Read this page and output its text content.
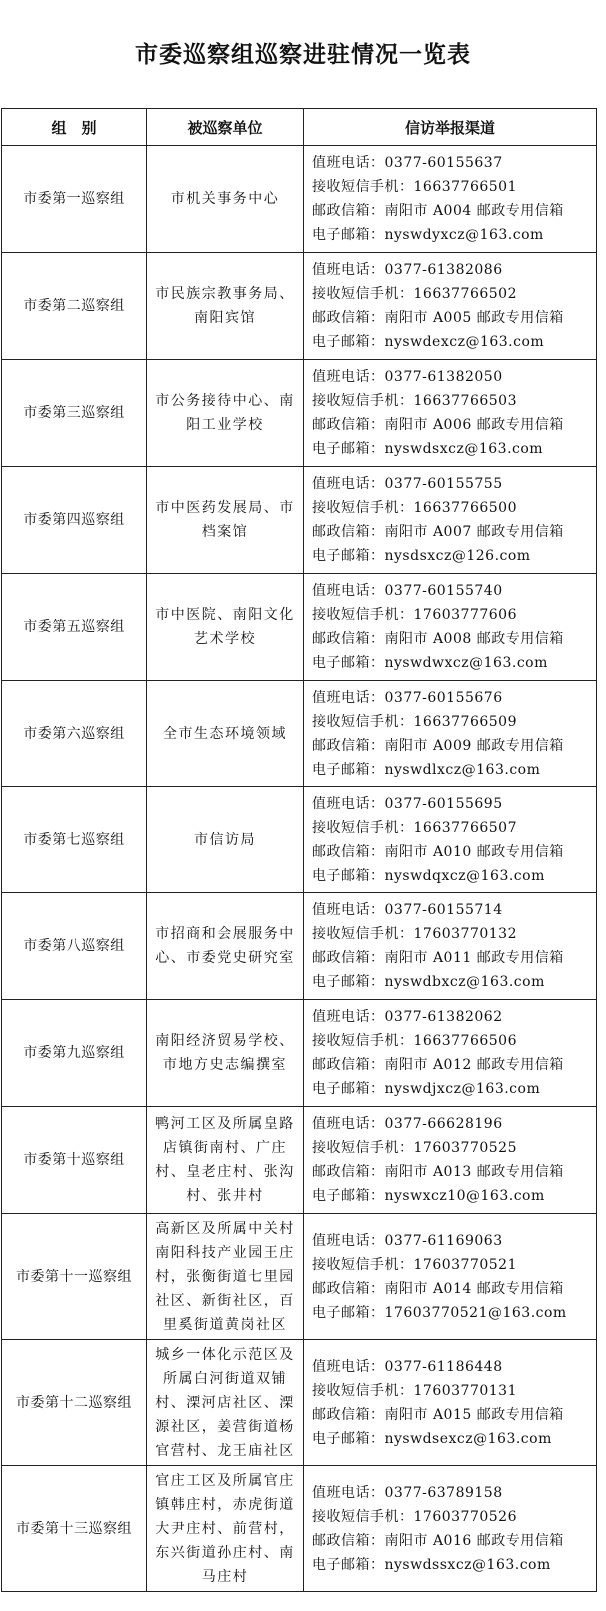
市委巡察组巡察进驻情况一览表
组　别	被巡察单位	信访举报渠道
市委第一巡察组	市机关事务中心	值班电话：0377-60155637
接收短信手机：16637766501
邮政信箱：南阳市 A004 邮政专用信箱
电子邮箱：nyswdyxcz@163.com

市委第二巡察组	市民族宗教事务局、南阳宾馆	值班电话：0377-61382086
接收短信手机：16637766502
邮政信箱：南阳市 A005 邮政专用信箱
电子邮箱：nyswdexcz@163.com

市委第三巡察组	市公务接待中心、南阳工业学校	值班电话：0377-61382050
接收短信手机：16637766503
邮政信箱：南阳市 A006 邮政专用信箱
电子邮箱：nyswdsxcz@163.com

市委第四巡察组	市中医药发展局、市档案馆	值班电话：0377-60155755
接收短信手机：16637766500
邮政信箱：南阳市 A007 邮政专用信箱
电子邮箱：nysdsxcz@126.com

市委第五巡察组	市中医院、南阳文化艺术学校	值班电话：0377-60155740
接收短信手机：17603777606
邮政信箱：南阳市 A008 邮政专用信箱
电子邮箱：nyswdwxcz@163.com

市委第六巡察组	全市生态环境领域	值班电话：0377-60155676
接收短信手机：16637766509
邮政信箱：南阳市 A009 邮政专用信箱
电子邮箱：nyswdlxcz@163.com

市委第七巡察组	市信访局	值班电话：0377-60155695
接收短信手机：16637766507
邮政信箱：南阳市 A010 邮政专用信箱
电子邮箱：nyswdqxcz@163.com

市委第八巡察组	市招商和会展服务中心、市委党史研究室	值班电话：0377-60155714
接收短信手机：17603770132
邮政信箱：南阳市 A011 邮政专用信箱
电子邮箱：nyswdbxcz@163.com

市委第九巡察组	南阳经济贸易学校、市地方史志编撰室	值班电话：0377-61382062
接收短信手机：16637766506
邮政信箱：南阳市 A012 邮政专用信箱
电子邮箱：nyswdjxcz@163.com

市委第十巡察组	鸭河工区及所属皇路店镇街南村、广庄村、皇老庄村、张沟村、张井村	值班电话：0377-66628196
接收短信手机：17603770525
邮政信箱：南阳市 A013 邮政专用信箱
电子邮箱：nyswxcz10@163.com

市委第十一巡察组	高新区及所属中关村南阳科技产业园王庄村，张衡街道七里园社区、新街社区，百里奚街道黄岗社区	值班电话：0377-61169063
接收短信手机：17603770521
邮政信箱：南阳市 A014 邮政专用信箱
电子邮箱：17603770521@163.com

市委第十二巡察组	城乡一体化示范区及所属白河街道双铺村、溧河店社区、溧源社区，姜营街道杨官营村、龙王庙社区	值班电话：0377-61186448
接收短信手机：17603770131
邮政信箱：南阳市 A015 邮政专用信箱
电子邮箱：nyswdsexcz@163.com

市委第十三巡察组	官庄工区及所属官庄镇韩庄村，赤虎街道大尹庄村、前营村，东兴街道孙庄村、南马庄村	值班电话：0377-63789158
接收短信手机：17603770526
邮政信箱：南阳市 A016 邮政专用信箱
电子邮箱：nyswdssxcz@163.com
